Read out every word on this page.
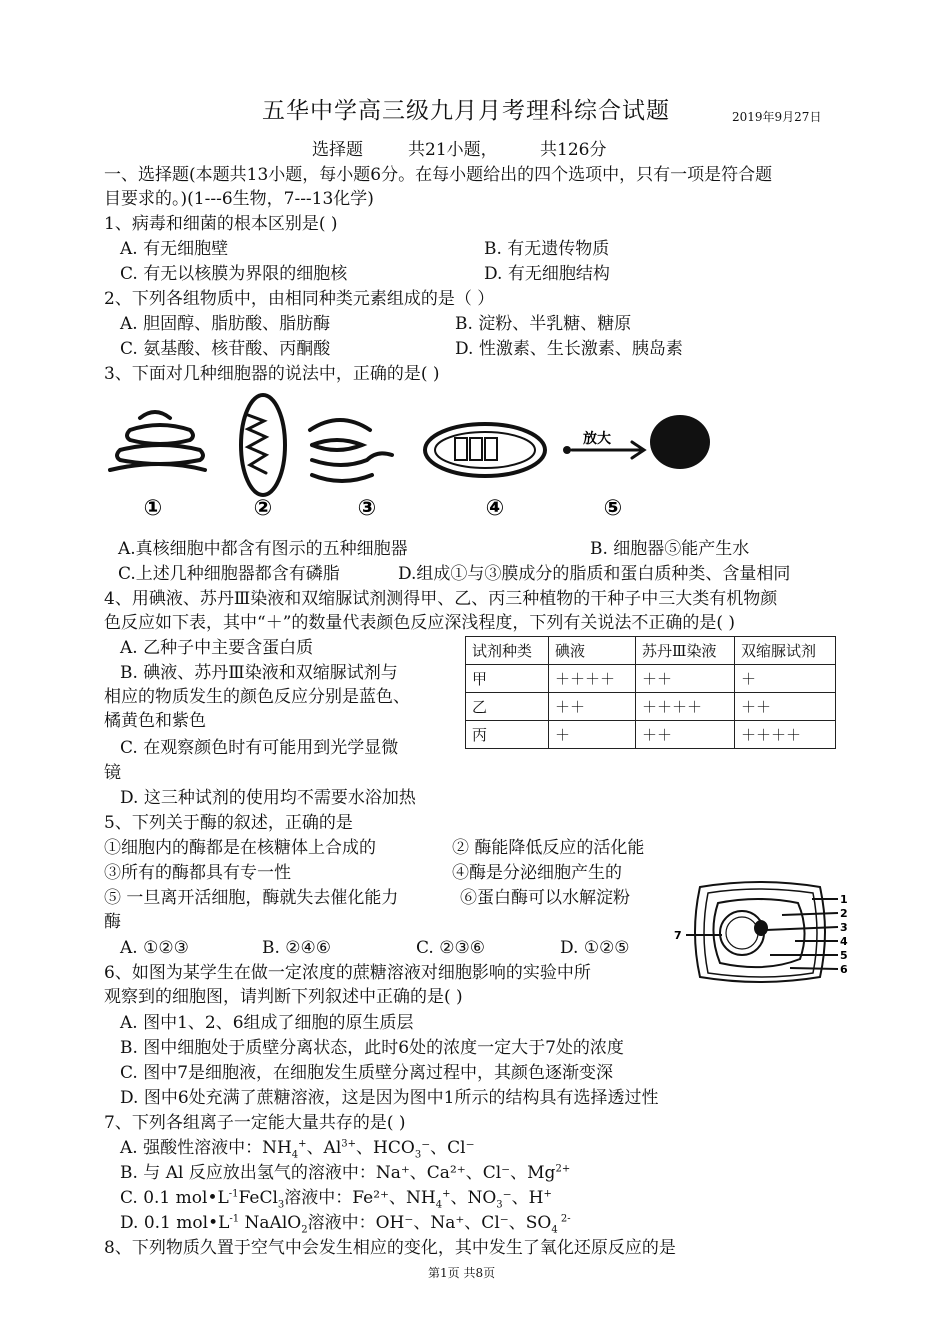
五华中学高三级九月月考理科综合试题	2019年9月27日
选择题	共21小题， 共126分
一、选择题(本题共13小题，每小题6分。在每小题给出的四个选项中，只有一项是符合题
目要求的。)(1---6生物，7---13化学)
1、病毒和细菌的根本区别是( )
A. 有无细胞壁	B. 有无遗传物质
C. 有无以核膜为界限的细胞核	D. 有无细胞结构
2、下列各组物质中，由相同种类元素组成的是（ ）
A. 胆固醇、脂肪酸、脂肪酶	B. 淀粉、半乳糖、糖原
C. 氨基酸、核苷酸、丙酮酸	D. 性激素、生长激素、胰岛素
3、下面对几种细胞器的说法中，正确的是( )
放大
①	②	③	④	⑤
A.真核细胞中都含有图示的五种细胞器	B. 细胞器⑤能产生水
C.上述几种细胞器都含有磷脂	D.组成①与③膜成分的脂质和蛋白质种类、含量相同
4、用碘液、苏丹Ⅲ染液和双缩脲试剂测得甲、乙、丙三种植物的干种子中三大类有机物颜
色反应如下表，其中“＋”的数量代表颜色反应深浅程度，下列有关说法不正确的是( )
A. 乙种子中主要含蛋白质
B. 碘液、苏丹Ⅲ染液和双缩脲试剂与
相应的物质发生的颜色反应分别是蓝色、
橘黄色和紫色
C. 在观察颜色时有可能用到光学显微
镜
D. 这三种试剂的使用均不需要水浴加热
试剂种类	碘液	苏丹Ⅲ染液	双缩脲试剂
甲	＋＋＋＋	＋＋	＋
乙	＋＋	＋＋＋＋	＋＋
丙	＋	＋＋	＋＋＋＋
5、下列关于酶的叙述，正确的是
①细胞内的酶都是在核糖体上合成的	② 酶能降低反应的活化能
③所有的酶都具有专一性	④酶是分泌细胞产生的
⑤ 一旦离开活细胞，酶就失去催化能力	⑥蛋白酶可以水解淀粉
酶
A. ①②③	B. ②④⑥	C. ②③⑥	D. ①②⑤
1
2
3
4
5
6
7
6、如图为某学生在做一定浓度的蔗糖溶液对细胞影响的实验中所
观察到的细胞图，请判断下列叙述中正确的是( )
A. 图中1、2、6组成了细胞的原生质层
B. 图中细胞处于质壁分离状态，此时6处的浓度一定大于7处的浓度
C. 图中7是细胞液，在细胞发生质壁分离过程中，其颜色逐渐变深
D. 图中6处充满了蔗糖溶液，这是因为图中1所示的结构具有选择透过性
7、下列各组离子一定能大量共存的是( )
A. 强酸性溶液中：$NH_4^+$、$Al^{3+}$、$HCO_3^-$、Cl⁻
B. 与 Al 反应放出氢气的溶液中：Na⁺、Ca²⁺、Cl⁻、$Mg^{2+}$
C. 0.1 $mol•L^{-1}FeCl_3$溶液中：Fe²⁺、$NH_4^+$、$NO_3^-$、H+
D. 0.1 $mol•L^{-1}$ NaAlO$_2$溶液中：OH⁻、Na⁺、Cl⁻、$SO_4$ $^{2-}$
8、下列物质久置于空气中会发生相应的变化，其中发生了氧化还原反应的是
第1页 共8页
